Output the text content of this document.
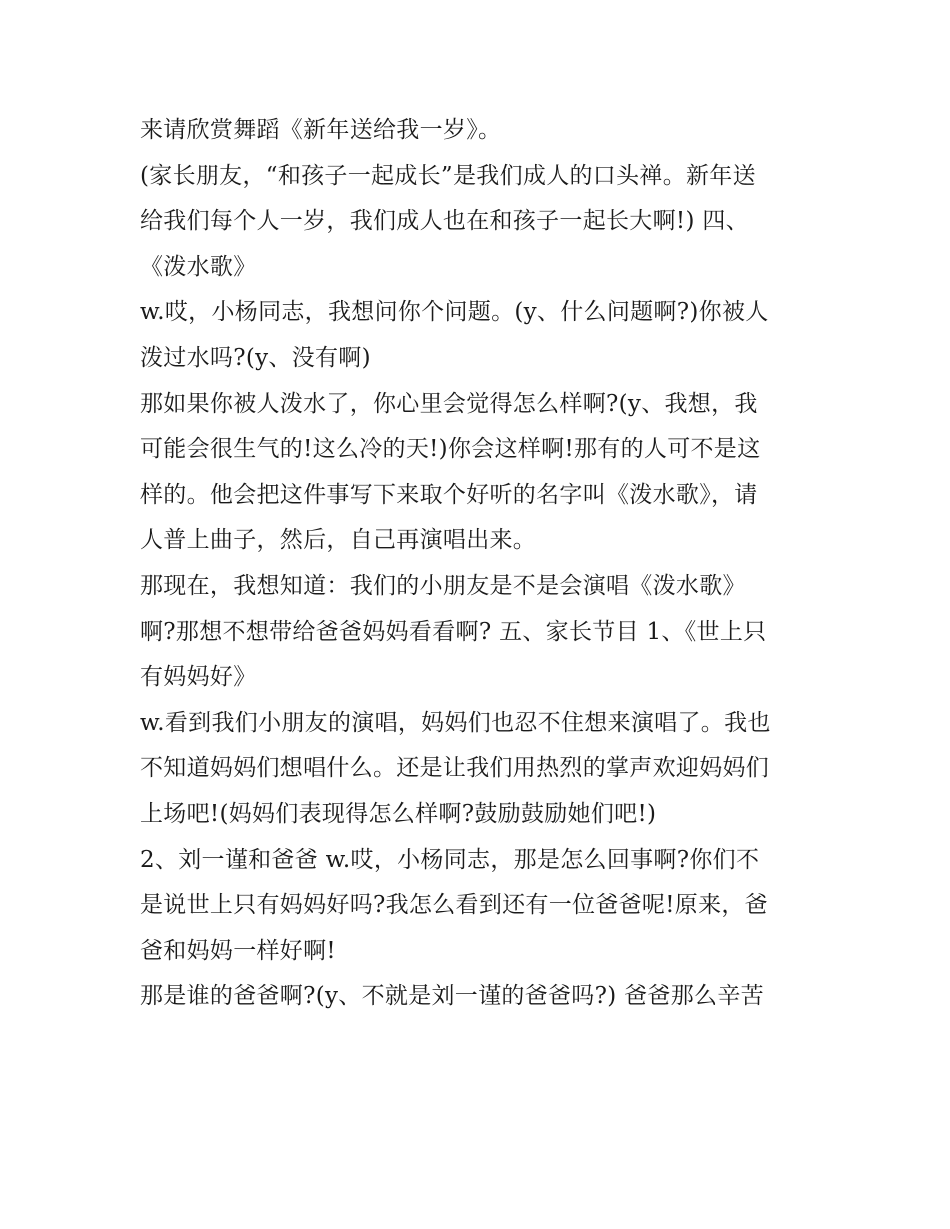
来请欣赏舞蹈《新年送给我一岁》。
(家长朋友，“和孩子一起成长”是我们成人的口头禅。新年送
给我们每个人一岁，我们成人也在和孩子一起长大啊!) 四、
《泼水歌》
w.哎，小杨同志，我想问你个问题。(y、什么问题啊?)你被人
泼过水吗?(y、没有啊)
那如果你被人泼水了，你心里会觉得怎么样啊?(y、我想，我
可能会很生气的!这么冷的天!)你会这样啊!那有的人可不是这
样的。他会把这件事写下来取个好听的名字叫《泼水歌》，请
人普上曲子，然后，自己再演唱出来。
那现在，我想知道：我们的小朋友是不是会演唱《泼水歌》
啊?那想不想带给爸爸妈妈看看啊? 五、家长节目 1、《世上只
有妈妈好》
w.看到我们小朋友的演唱，妈妈们也忍不住想来演唱了。我也
不知道妈妈们想唱什么。还是让我们用热烈的掌声欢迎妈妈们
上场吧!(妈妈们表现得怎么样啊?鼓励鼓励她们吧!)
2、刘一谨和爸爸 w.哎，小杨同志，那是怎么回事啊?你们不
是说世上只有妈妈好吗?我怎么看到还有一位爸爸呢!原来，爸
爸和妈妈一样好啊!
那是谁的爸爸啊?(y、不就是刘一谨的爸爸吗?) 爸爸那么辛苦
